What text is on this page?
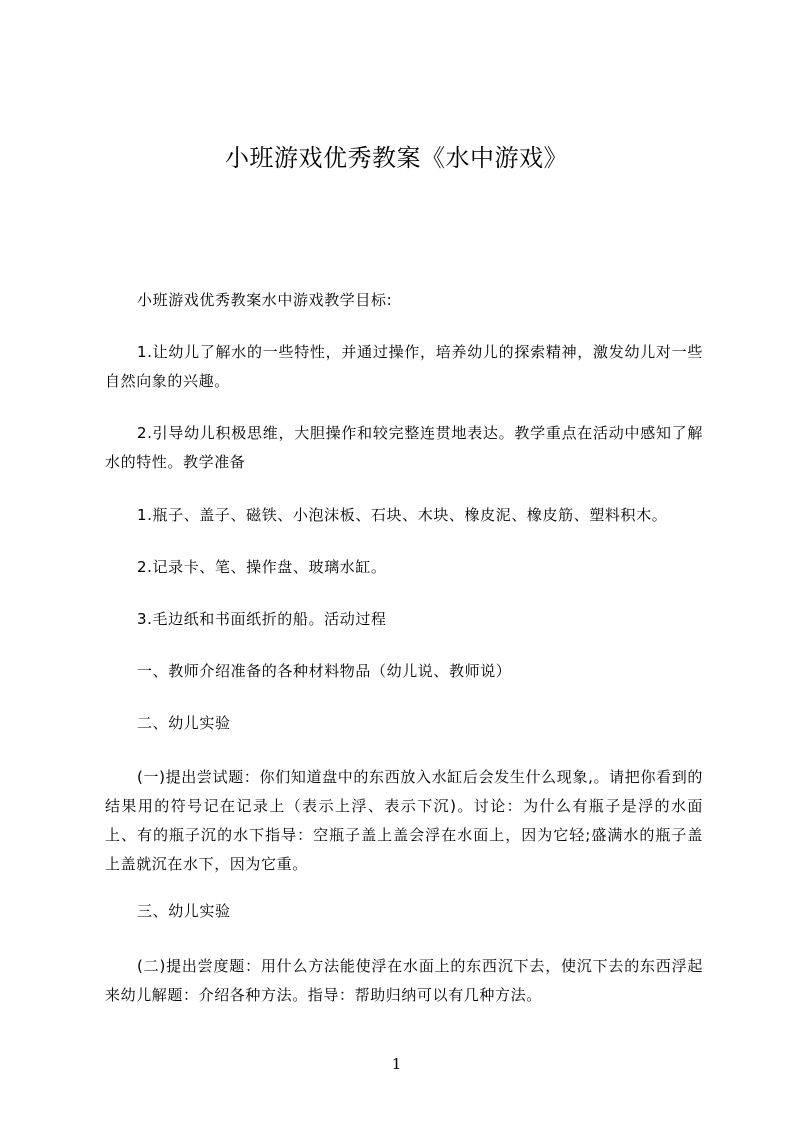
小班游戏优秀教案《水中游戏》
小班游戏优秀教案水中游戏教学目标:
1.让幼儿了解水的一些特性，并通过操作，培养幼儿的探索精神，激发幼儿对一些自然向象的兴趣。
2.引导幼儿积极思维，大胆操作和较完整连贯地表达。教学重点在活动中感知了解水的特性。教学准备
1.瓶子、盖子、磁铁、小泡沫板、石块、木块、橡皮泥、橡皮筋、塑料积木。
2.记录卡、笔、操作盘、玻璃水缸。
3.毛边纸和书面纸折的船。活动过程
一、教师介绍准备的各种材料物品（幼儿说、教师说）
二、幼儿实验
(一)提出尝试题：你们知道盘中的东西放入水缸后会发生什么现象,。请把你看到的结果用的符号记在记录上（表示上浮、表示下沉)。讨论：为什么有瓶子是浮的水面上、有的瓶子沉的水下指导：空瓶子盖上盖会浮在水面上，因为它轻;盛满水的瓶子盖上盖就沉在水下，因为它重。
三、幼儿实验
(二)提出尝度题：用什么方法能使浮在水面上的东西沉下去，使沉下去的东西浮起来幼儿解题：介绍各种方法。指导：帮助归纳可以有几种方法。
1
